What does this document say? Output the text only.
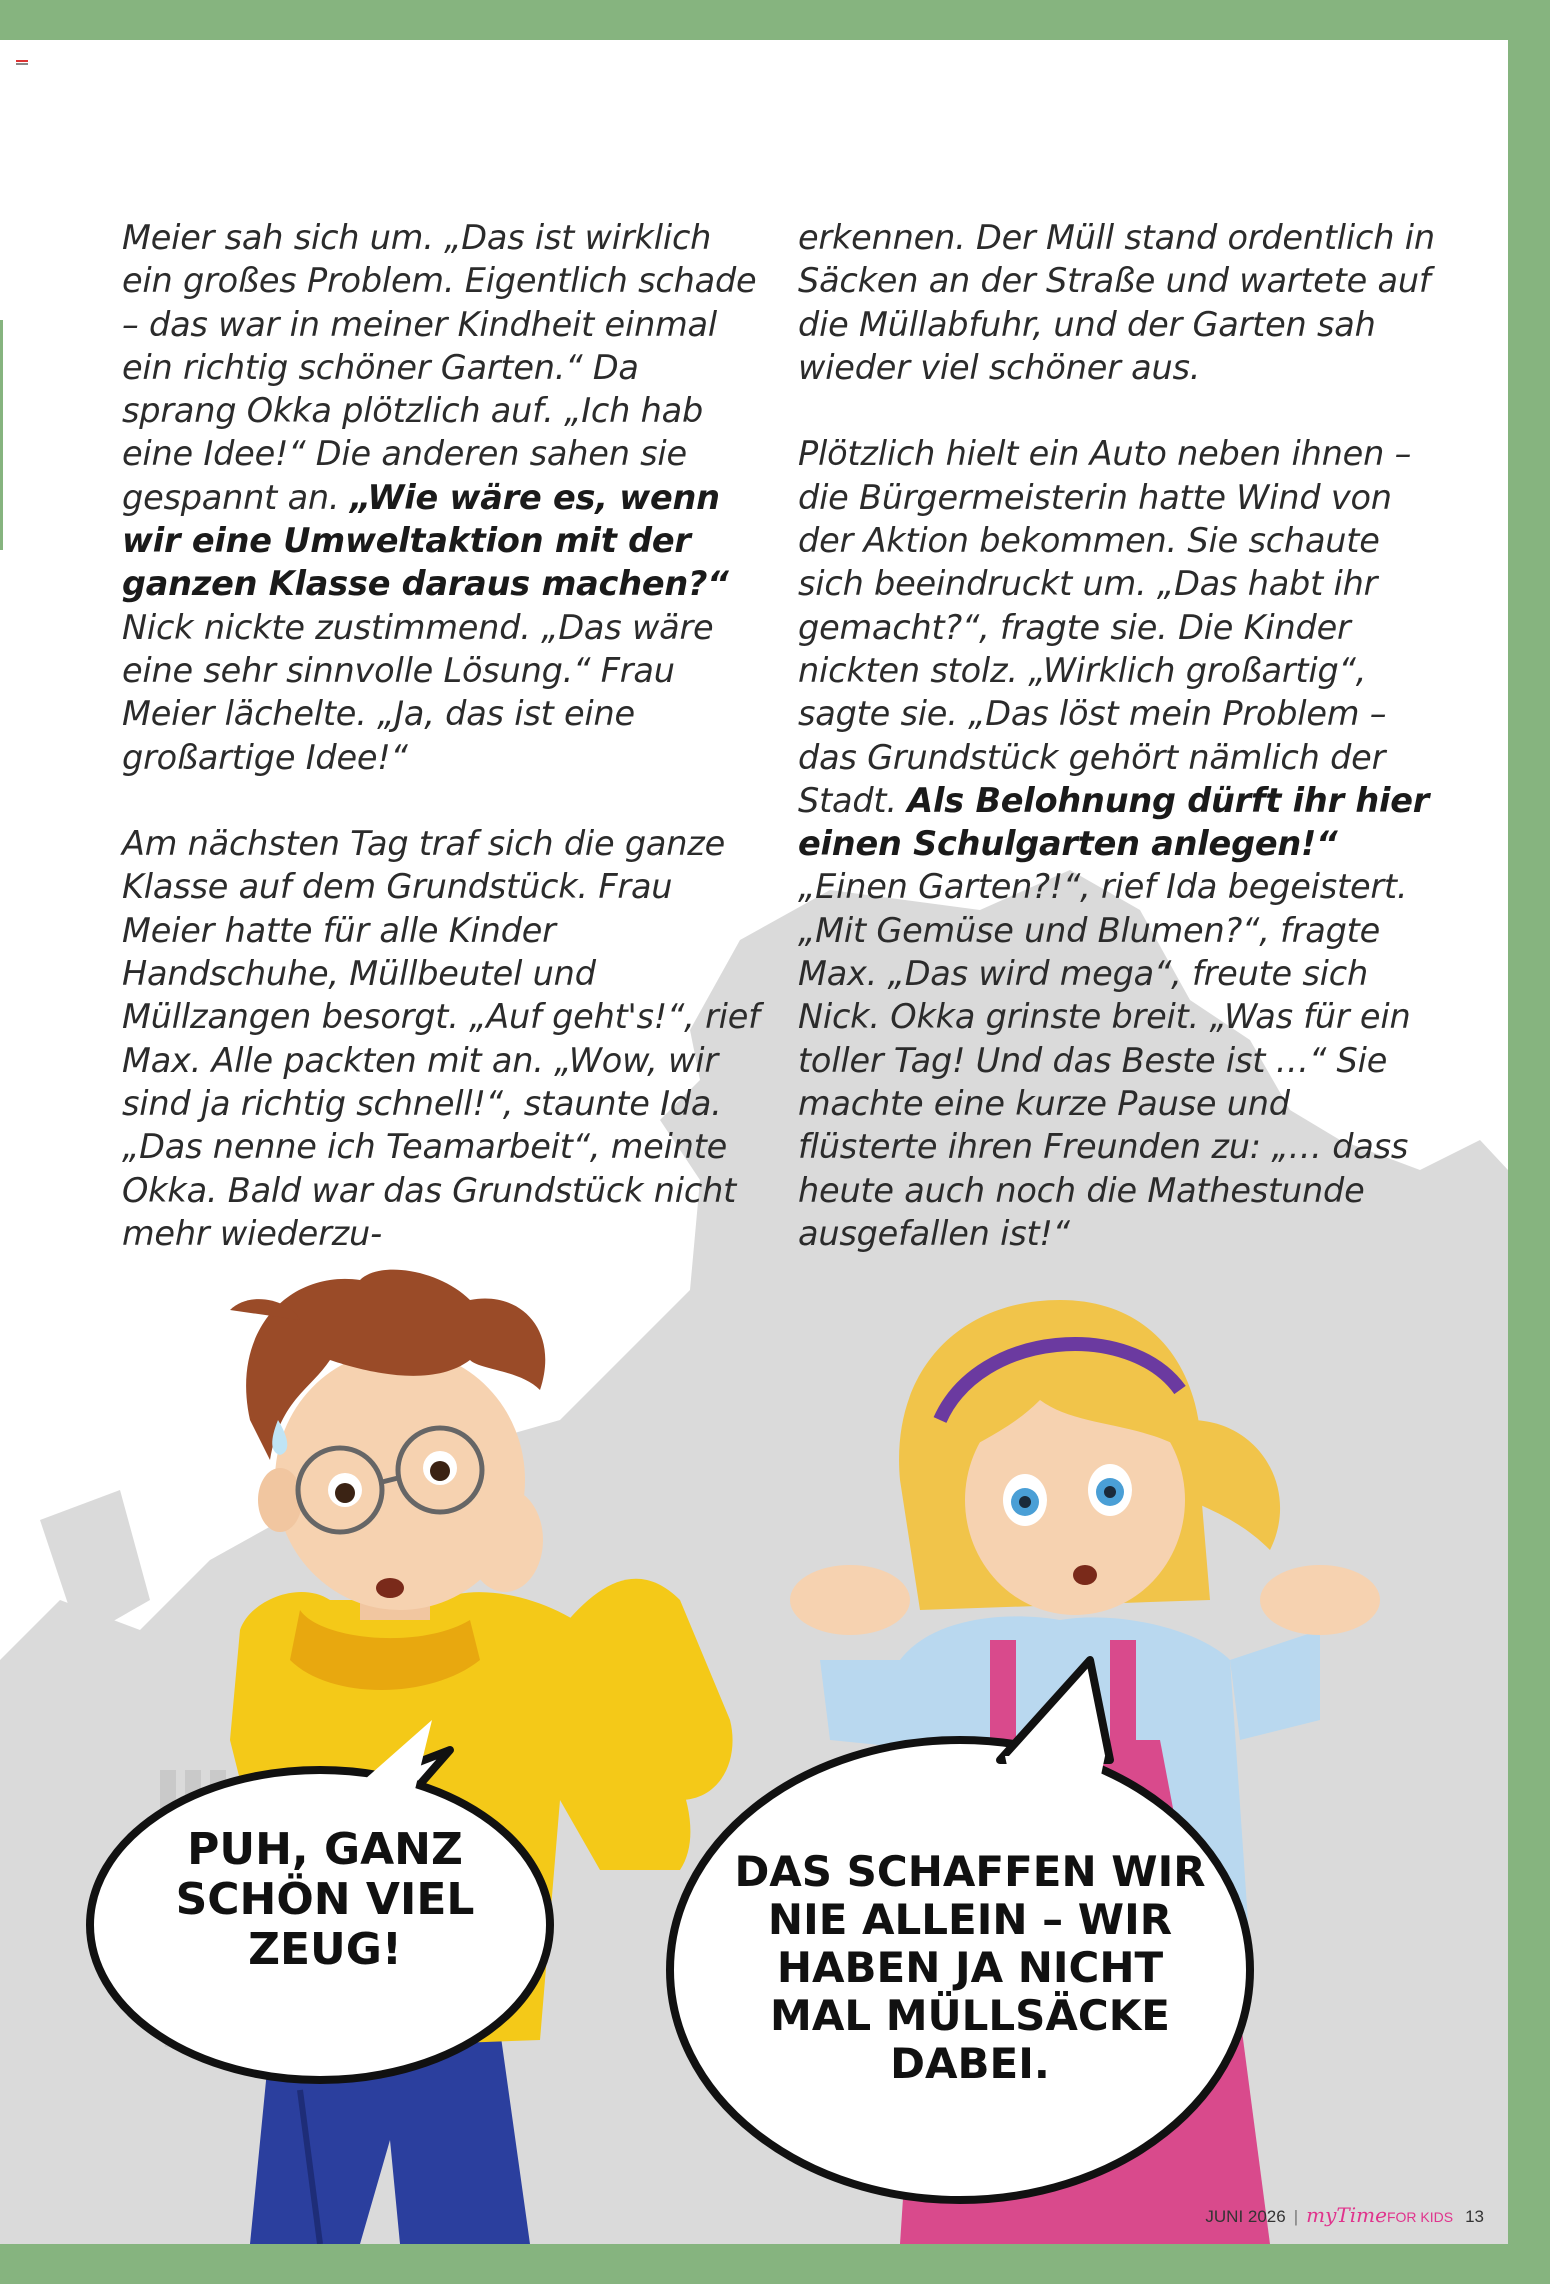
Meier sah sich um. „Das ist wirklich ein großes Problem. Eigentlich schade – das war in meiner Kindheit einmal ein richtig schöner Garten.“ Da sprang Okka plötzlich auf. „Ich hab eine Idee!“ Die anderen sahen sie gespannt an. „Wie wäre es, wenn wir eine Umweltaktion mit der ganzen Klasse daraus machen?“ Nick nickte zustimmend. „Das wäre eine sehr sinnvolle Lösung.“ Frau Meier lächelte. „Ja, das ist eine großartige Idee!“

Am nächsten Tag traf sich die ganze Klasse auf dem Grundstück. Frau Meier hatte für alle Kinder Handschuhe, Müllbeutel und Müllzangen besorgt. „Auf geht's!“, rief Max. Alle packten mit an. „Wow, wir sind ja richtig schnell!“, staunte Ida. „Das nenne ich Teamarbeit“, meinte Okka. Bald war das Grundstück nicht mehr wiederzu-

erkennen. Der Müll stand ordentlich in Säcken an der Straße und wartete auf die Müllabfuhr, und der Garten sah wieder viel schöner aus.

Plötzlich hielt ein Auto neben ihnen – die Bürgermeisterin hatte Wind von der Aktion bekommen. Sie schaute sich beeindruckt um. „Das habt ihr gemacht?“, fragte sie. Die Kinder nickten stolz. „Wirklich großartig“, sagte sie. „Das löst mein Problem – das Grundstück gehört nämlich der Stadt. Als Belohnung dürft ihr hier einen Schulgarten anlegen!“ „Einen Garten?!“, rief Ida begeistert. „Mit Gemüse und Blumen?“, fragte Max. „Das wird mega“, freute sich Nick. Okka grinste breit. „Was für ein toller Tag! Und das Beste ist …“ Sie machte eine kurze Pause und flüsterte ihren Freunden zu: „… dass heute auch noch die Mathestunde ausgefallen ist!“

PUH, GANZ SCHÖN VIEL ZEUG!
DAS SCHAFFEN WIR NIE ALLEIN – WIR HABEN JA NICHT MAL MÜLLSÄCKE DABEI.
JUNI 2026 | myTimeFOR KIDS 13
